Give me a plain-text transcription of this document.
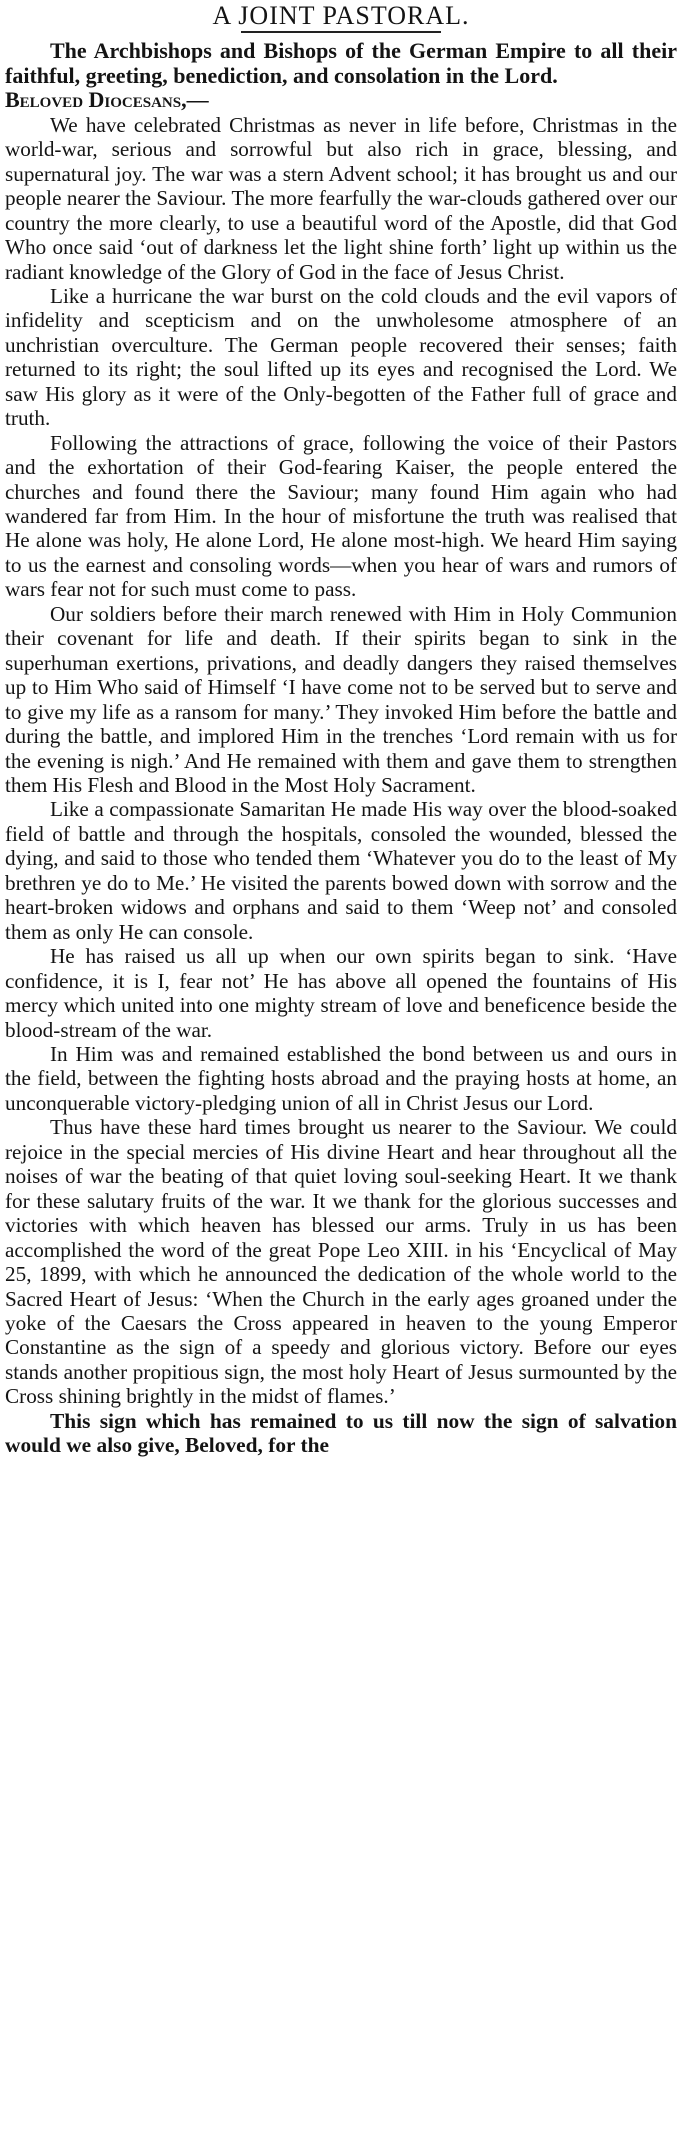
A JOINT PASTORAL.

The Archbishops and Bishops of the German Empire to all their faithful, greeting, benediction, and consolation in the Lord.

Beloved Diocesans,—

We have celebrated Christmas as never in life before, Christmas in the world-war, serious and sorrowful but also rich in grace, blessing, and supernatural joy. The war was a stern Advent school; it has brought us and our people nearer the Saviour. The more fearfully the war-clouds gathered over our country the more clearly, to use a beautiful word of the Apostle, did that God Who once said ‘out of darkness let the light shine forth’ light up within us the radiant knowledge of the Glory of God in the face of Jesus Christ.

Like a hurricane the war burst on the cold clouds and the evil vapors of infidelity and scepticism and on the unwholesome atmosphere of an unchristian overculture. The German people recovered their senses; faith returned to its right; the soul lifted up its eyes and recognised the Lord. We saw His glory as it were of the Only-begotten of the Father full of grace and truth.

Following the attractions of grace, following the voice of their Pastors and the exhortation of their God-fearing Kaiser, the people entered the churches and found there the Saviour; many found Him again who had wandered far from Him. In the hour of misfortune the truth was realised that He alone was holy, He alone Lord, He alone most-high. We heard Him saying to us the earnest and consoling words—when you hear of wars and rumors of wars fear not for such must come to pass.

Our soldiers before their march renewed with Him in Holy Communion their covenant for life and death. If their spirits began to sink in the superhuman exertions, privations, and deadly dangers they raised themselves up to Him Who said of Himself ‘I have come not to be served but to serve and to give my life as a ransom for many.’ They invoked Him before the battle and during the battle, and implored Him in the trenches ‘Lord remain with us for the evening is nigh.’ And He remained with them and gave them to strengthen them His Flesh and Blood in the Most Holy Sacrament.

Like a compassionate Samaritan He made His way over the blood-soaked field of battle and through the hospitals, consoled the wounded, blessed the dying, and said to those who tended them ‘Whatever you do to the least of My brethren ye do to Me.’ He visited the parents bowed down with sorrow and the heart-broken widows and orphans and said to them ‘Weep not’ and consoled them as only He can console.

He has raised us all up when our own spirits began to sink. ‘Have confidence, it is I, fear not’ He has above all opened the fountains of His mercy which united into one mighty stream of love and beneficence beside the blood-stream of the war.

In Him was and remained established the bond between us and ours in the field, between the fighting hosts abroad and the praying hosts at home, an unconquerable victory-pledging union of all in Christ Jesus our Lord.

Thus have these hard times brought us nearer to the Saviour. We could rejoice in the special mercies of His divine Heart and hear throughout all the noises of war the beating of that quiet loving soul-seeking Heart. It we thank for these salutary fruits of the war. It we thank for the glorious successes and victories with which heaven has blessed our arms. Truly in us has been accomplished the word of the great Pope Leo XIII. in his ‘Encyclical of May 25, 1899, with which he announced the dedication of the whole world to the Sacred Heart of Jesus: ‘When the Church in the early ages groaned under the yoke of the Caesars the Cross appeared in heaven to the young Emperor Constantine as the sign of a speedy and glorious victory. Before our eyes stands another propitious sign, the most holy Heart of Jesus surmounted by the Cross shining brightly in the midst of flames.’

This sign which has remained to us till now the sign of salvation would we also give, Beloved, for the
